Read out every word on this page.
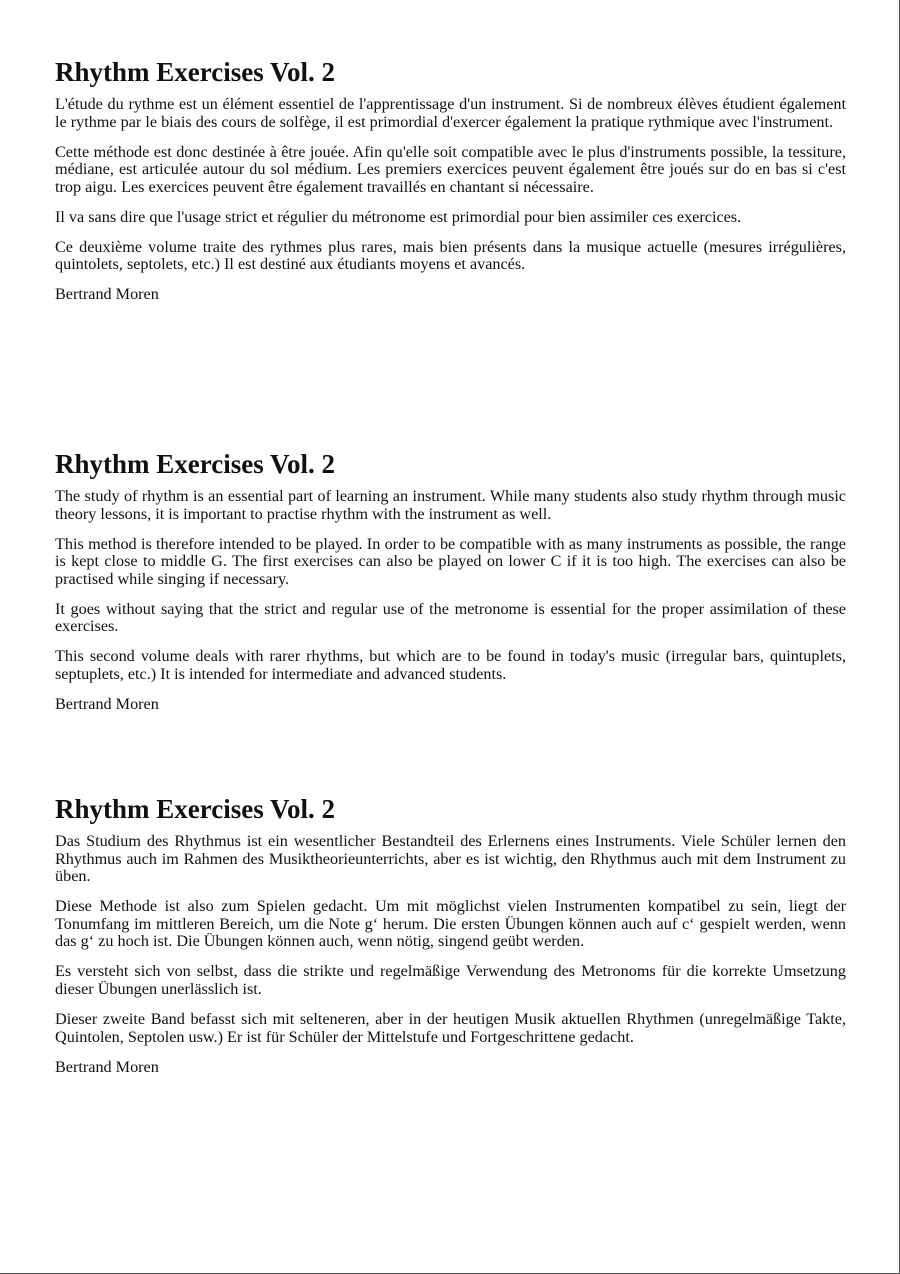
Rhythm Exercises Vol. 2

L'étude du rythme est un élément essentiel de l'apprentissage d'un instrument. Si de nombreux élèves étudient également le rythme par le biais des cours de solfège, il est primordial d'exercer également la pratique rythmique avec l'instrument.

Cette méthode est donc destinée à être jouée. Afin qu'elle soit compatible avec le plus d'instruments possible, la tessiture, médiane, est articulée autour du sol médium. Les premiers exercices peuvent également être joués sur do en bas si c'est trop aigu. Les exercices peuvent être également travaillés en chantant si nécessaire.

Il va sans dire que l'usage strict et régulier du métronome est primordial pour bien assimiler ces exercices.

Ce deuxième volume traite des rythmes plus rares, mais bien présents dans la musique actuelle (mesures irrégulières, quintolets, septolets, etc.) Il est destiné aux étudiants moyens et avancés.

Bertrand Moren

Rhythm Exercises Vol. 2

The study of rhythm is an essential part of learning an instrument. While many students also study rhythm through music theory lessons, it is important to practise rhythm with the instrument as well.

This method is therefore intended to be played. In order to be compatible with as many instruments as possible, the range is kept close to middle G. The first exercises can also be played on lower C if it is too high. The exercises can also be practised while singing if necessary.

It goes without saying that the strict and regular use of the metronome is essential for the proper assimilation of these exercises.

This second volume deals with rarer rhythms, but which are to be found in today's music (irregular bars, quintuplets, septuplets, etc.) It is intended for intermediate and advanced students.

Bertrand Moren

Rhythm Exercises Vol. 2

Das Studium des Rhythmus ist ein wesentlicher Bestandteil des Erlernens eines Instruments. Viele Schüler lernen den Rhythmus auch im Rahmen des Musiktheorieunterrichts, aber es ist wichtig, den Rhythmus auch mit dem Instrument zu üben.

Diese Methode ist also zum Spielen gedacht. Um mit möglichst vielen Instrumenten kompatibel zu sein, liegt der Tonumfang im mittleren Bereich, um die Note g‘ herum. Die ersten Übungen können auch auf c‘ gespielt werden, wenn das g‘ zu hoch ist. Die Übungen können auch, wenn nötig, singend geübt werden.

Es versteht sich von selbst, dass die strikte und regelmäßige Verwendung des Metronoms für die korrekte Umsetzung dieser Übungen unerlässlich ist.

Dieser zweite Band befasst sich mit selteneren, aber in der heutigen Musik aktuellen Rhythmen (unregelmäßige Takte, Quintolen, Septolen usw.) Er ist für Schüler der Mittelstufe und Fortgeschrittene gedacht.

Bertrand Moren
